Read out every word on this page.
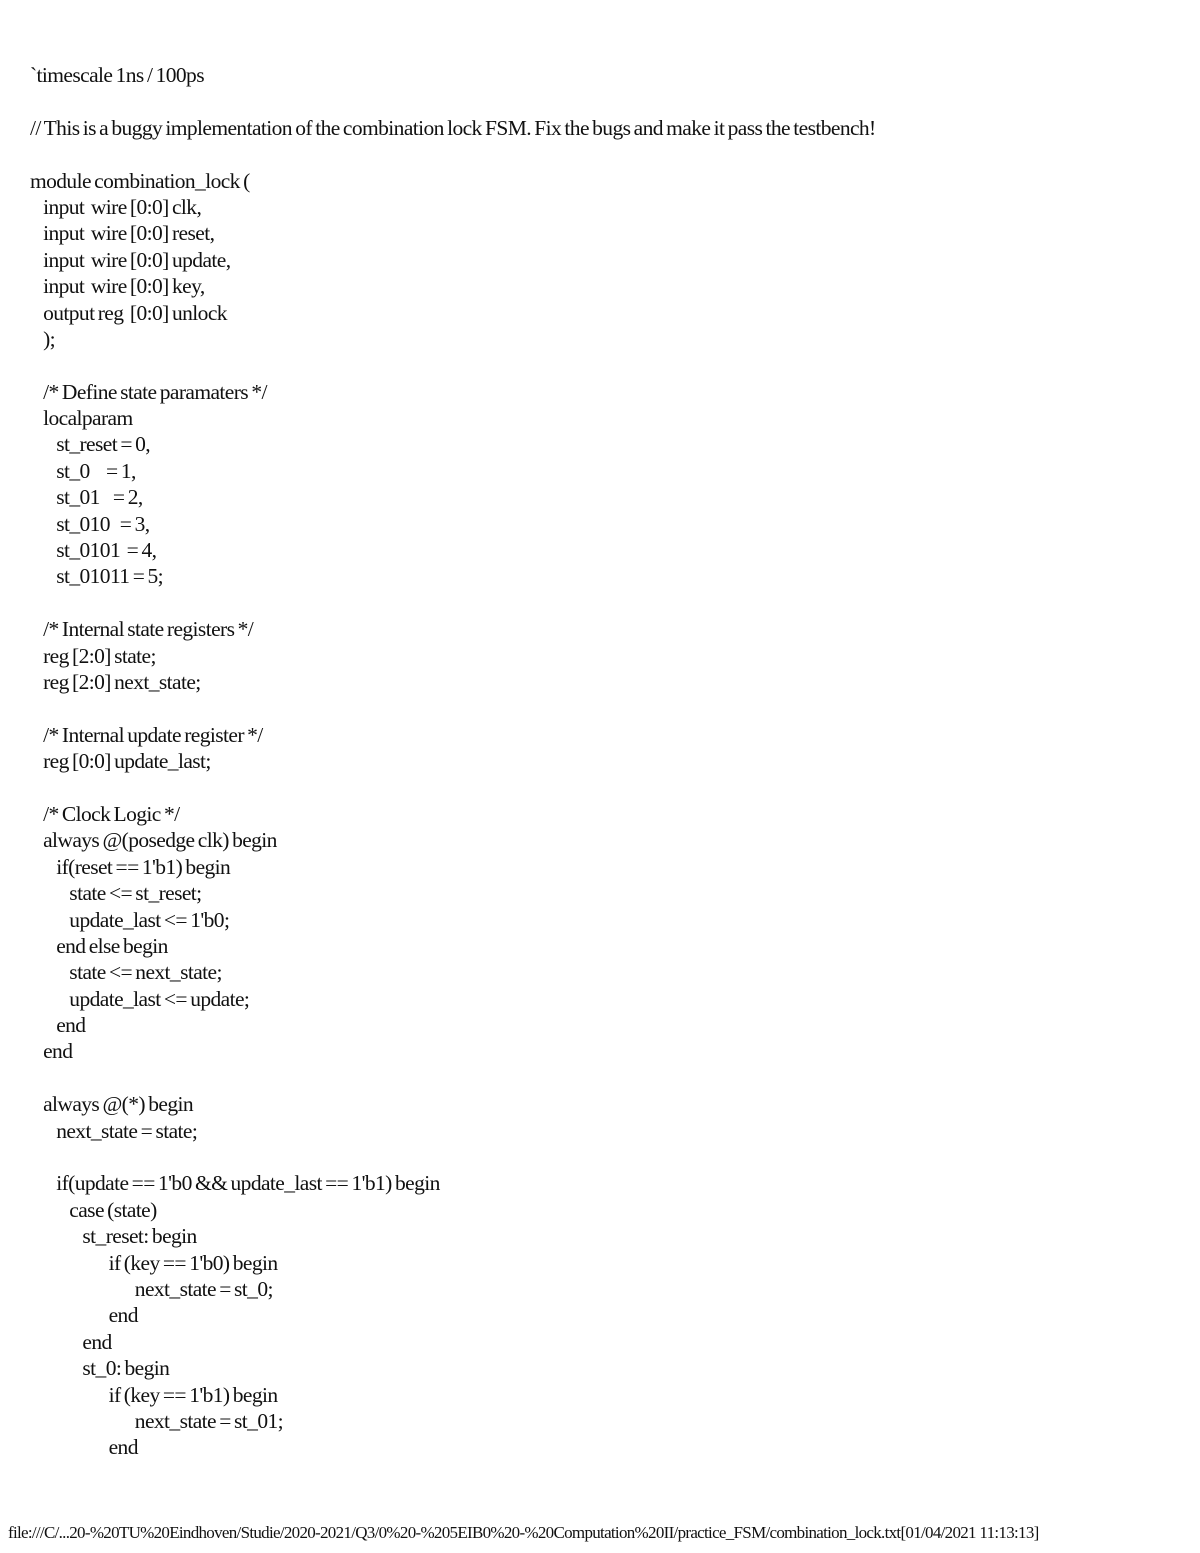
`timescale 1ns / 100ps
// This is a buggy implementation of the combination lock FSM. Fix the bugs and make it pass the testbench!
module combination_lock (
input  wire [0:0] clk,
input  wire [0:0] reset,
input  wire [0:0] update,
input  wire [0:0] key,
output reg  [0:0] unlock
);
/* Define state paramaters */
localparam
st_reset = 0,
st_0     = 1,
st_01    = 2,
st_010   = 3,
st_0101  = 4,
st_01011 = 5;
/* Internal state registers */
reg [2:0] state;
reg [2:0] next_state;
/* Internal update register */
reg [0:0] update_last;
/* Clock Logic */
always @(posedge clk) begin
if(reset == 1'b1) begin
state <= st_reset;
update_last <= 1'b0;
end else begin
state <= next_state;
update_last <= update;
end
end
always @(*) begin
next_state = state;
if(update == 1'b0 && update_last == 1'b1) begin
case (state)
st_reset: begin
if (key == 1'b0) begin
next_state = st_0;
end
end
st_0: begin
if (key == 1'b1) begin
next_state = st_01;
end
file:///C/...20-%20TU%20Eindhoven/Studie/2020-2021/Q3/0%20-%205EIB0%20-%20Computation%20II/practice_FSM/combination_lock.txt[01/04/2021 11:13:13]
